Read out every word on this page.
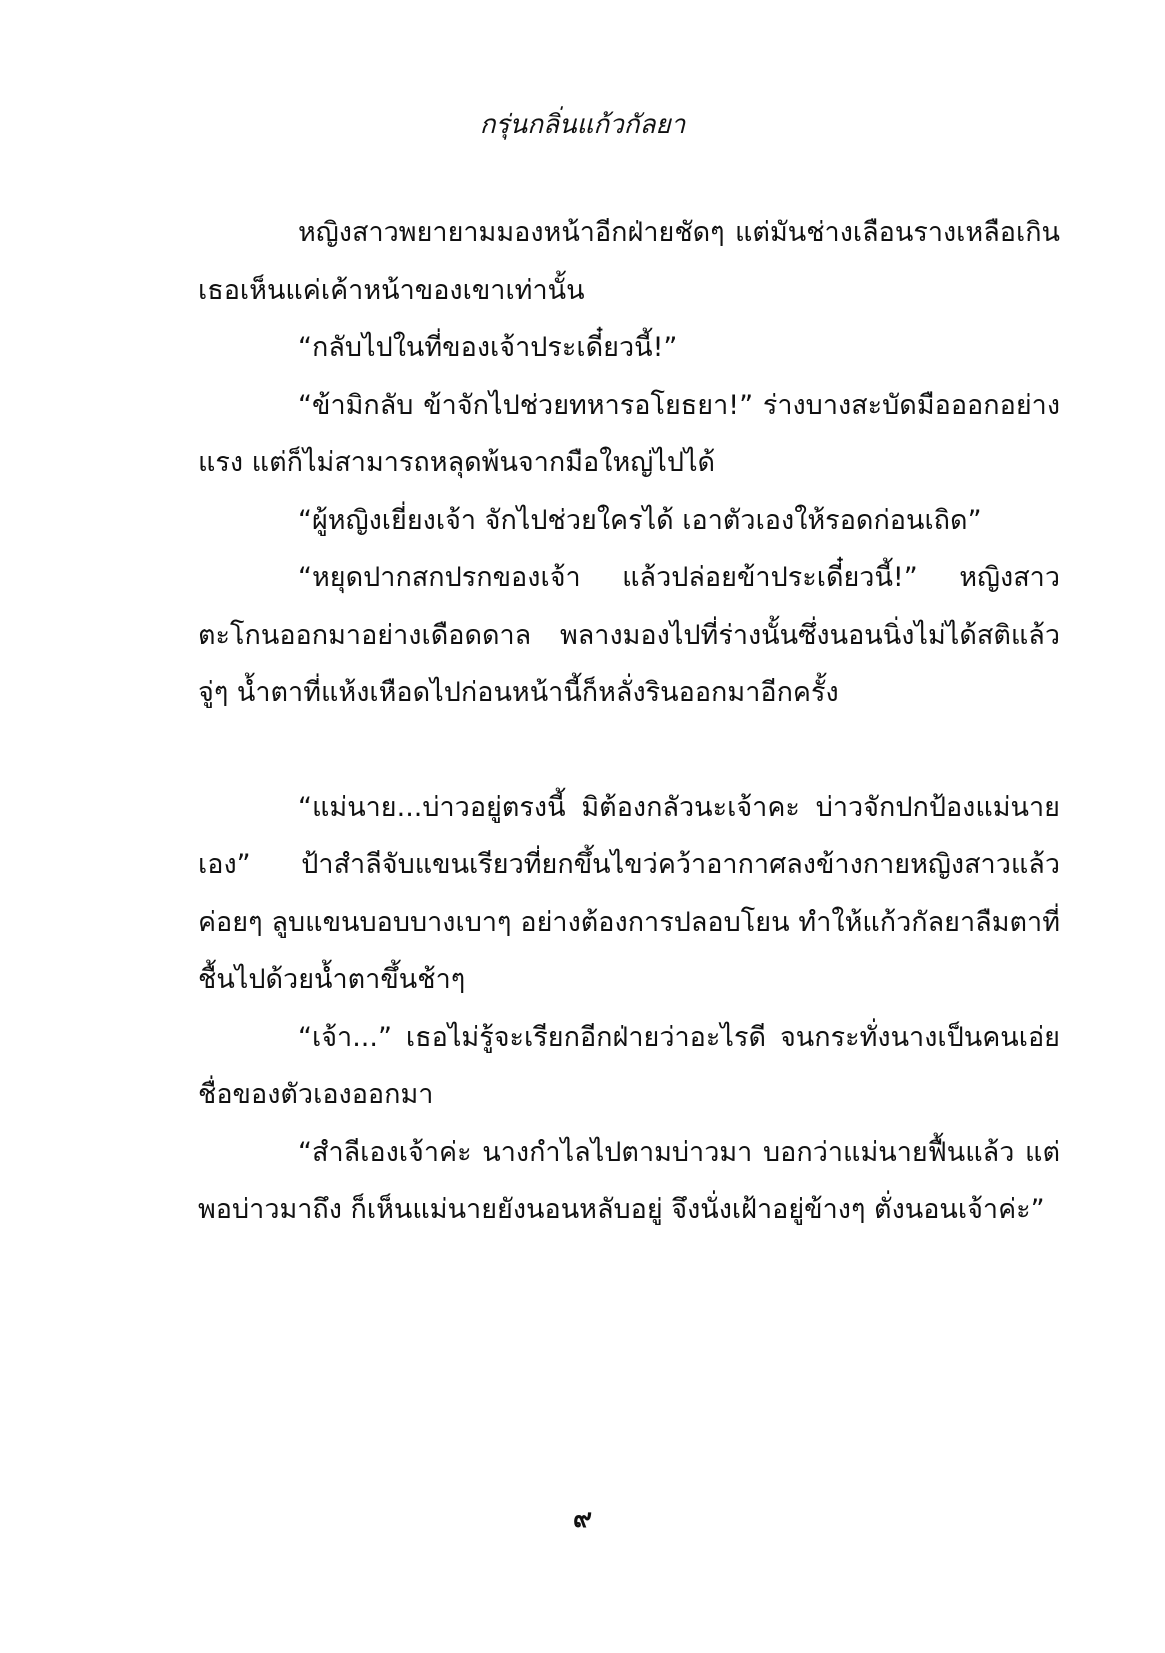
กรุ่นกลิ่นแก้วกัลยา

หญิงสาวพยายามมองหน้าอีกฝ่ายชัดๆ แต่มันช่างเลือนรางเหลือเกิน เธอเห็นแค่เค้าหน้าของเขาเท่านั้น

“กลับไปในที่ของเจ้าประเดี๋ยวนี้!”

“ข้ามิกลับ ข้าจักไปช่วยทหารอโยธยา!” ร่างบางสะบัดมือออกอย่างแรง แต่ก็ไม่สามารถหลุดพ้นจากมือใหญ่ไปได้

“ผู้หญิงเยี่ยงเจ้า จักไปช่วยใครได้ เอาตัวเองให้รอดก่อนเถิด”

“หยุดปากสกปรกของเจ้า แล้วปล่อยข้าประเดี๋ยวนี้!” หญิงสาวตะโกนออกมาอย่างเดือดดาล พลางมองไปที่ร่างนั้นซึ่งนอนนิ่งไม่ได้สติแล้วจู่ๆ น้ำตาที่แห้งเหือดไปก่อนหน้านี้ก็หลั่งรินออกมาอีกครั้ง

“แม่นาย...บ่าวอยู่ตรงนี้ มิต้องกลัวนะเจ้าคะ บ่าวจักปกป้องแม่นายเอง” ป้าสำลีจับแขนเรียวที่ยกขึ้นไขว่คว้าอากาศลงข้างกายหญิงสาวแล้วค่อยๆ ลูบแขนบอบบางเบาๆ อย่างต้องการปลอบโยน ทำให้แก้วกัลยาลืมตาที่ชื้นไปด้วยน้ำตาขึ้นช้าๆ

“เจ้า...” เธอไม่รู้จะเรียกอีกฝ่ายว่าอะไรดี จนกระทั่งนางเป็นคนเอ่ยชื่อของตัวเองออกมา

“สำลีเองเจ้าค่ะ นางกำไลไปตามบ่าวมา บอกว่าแม่นายฟื้นแล้ว แต่พอบ่าวมาถึง ก็เห็นแม่นายยังนอนหลับอยู่ จึงนั่งเฝ้าอยู่ข้างๆ ตั่งนอนเจ้าค่ะ”

๙
